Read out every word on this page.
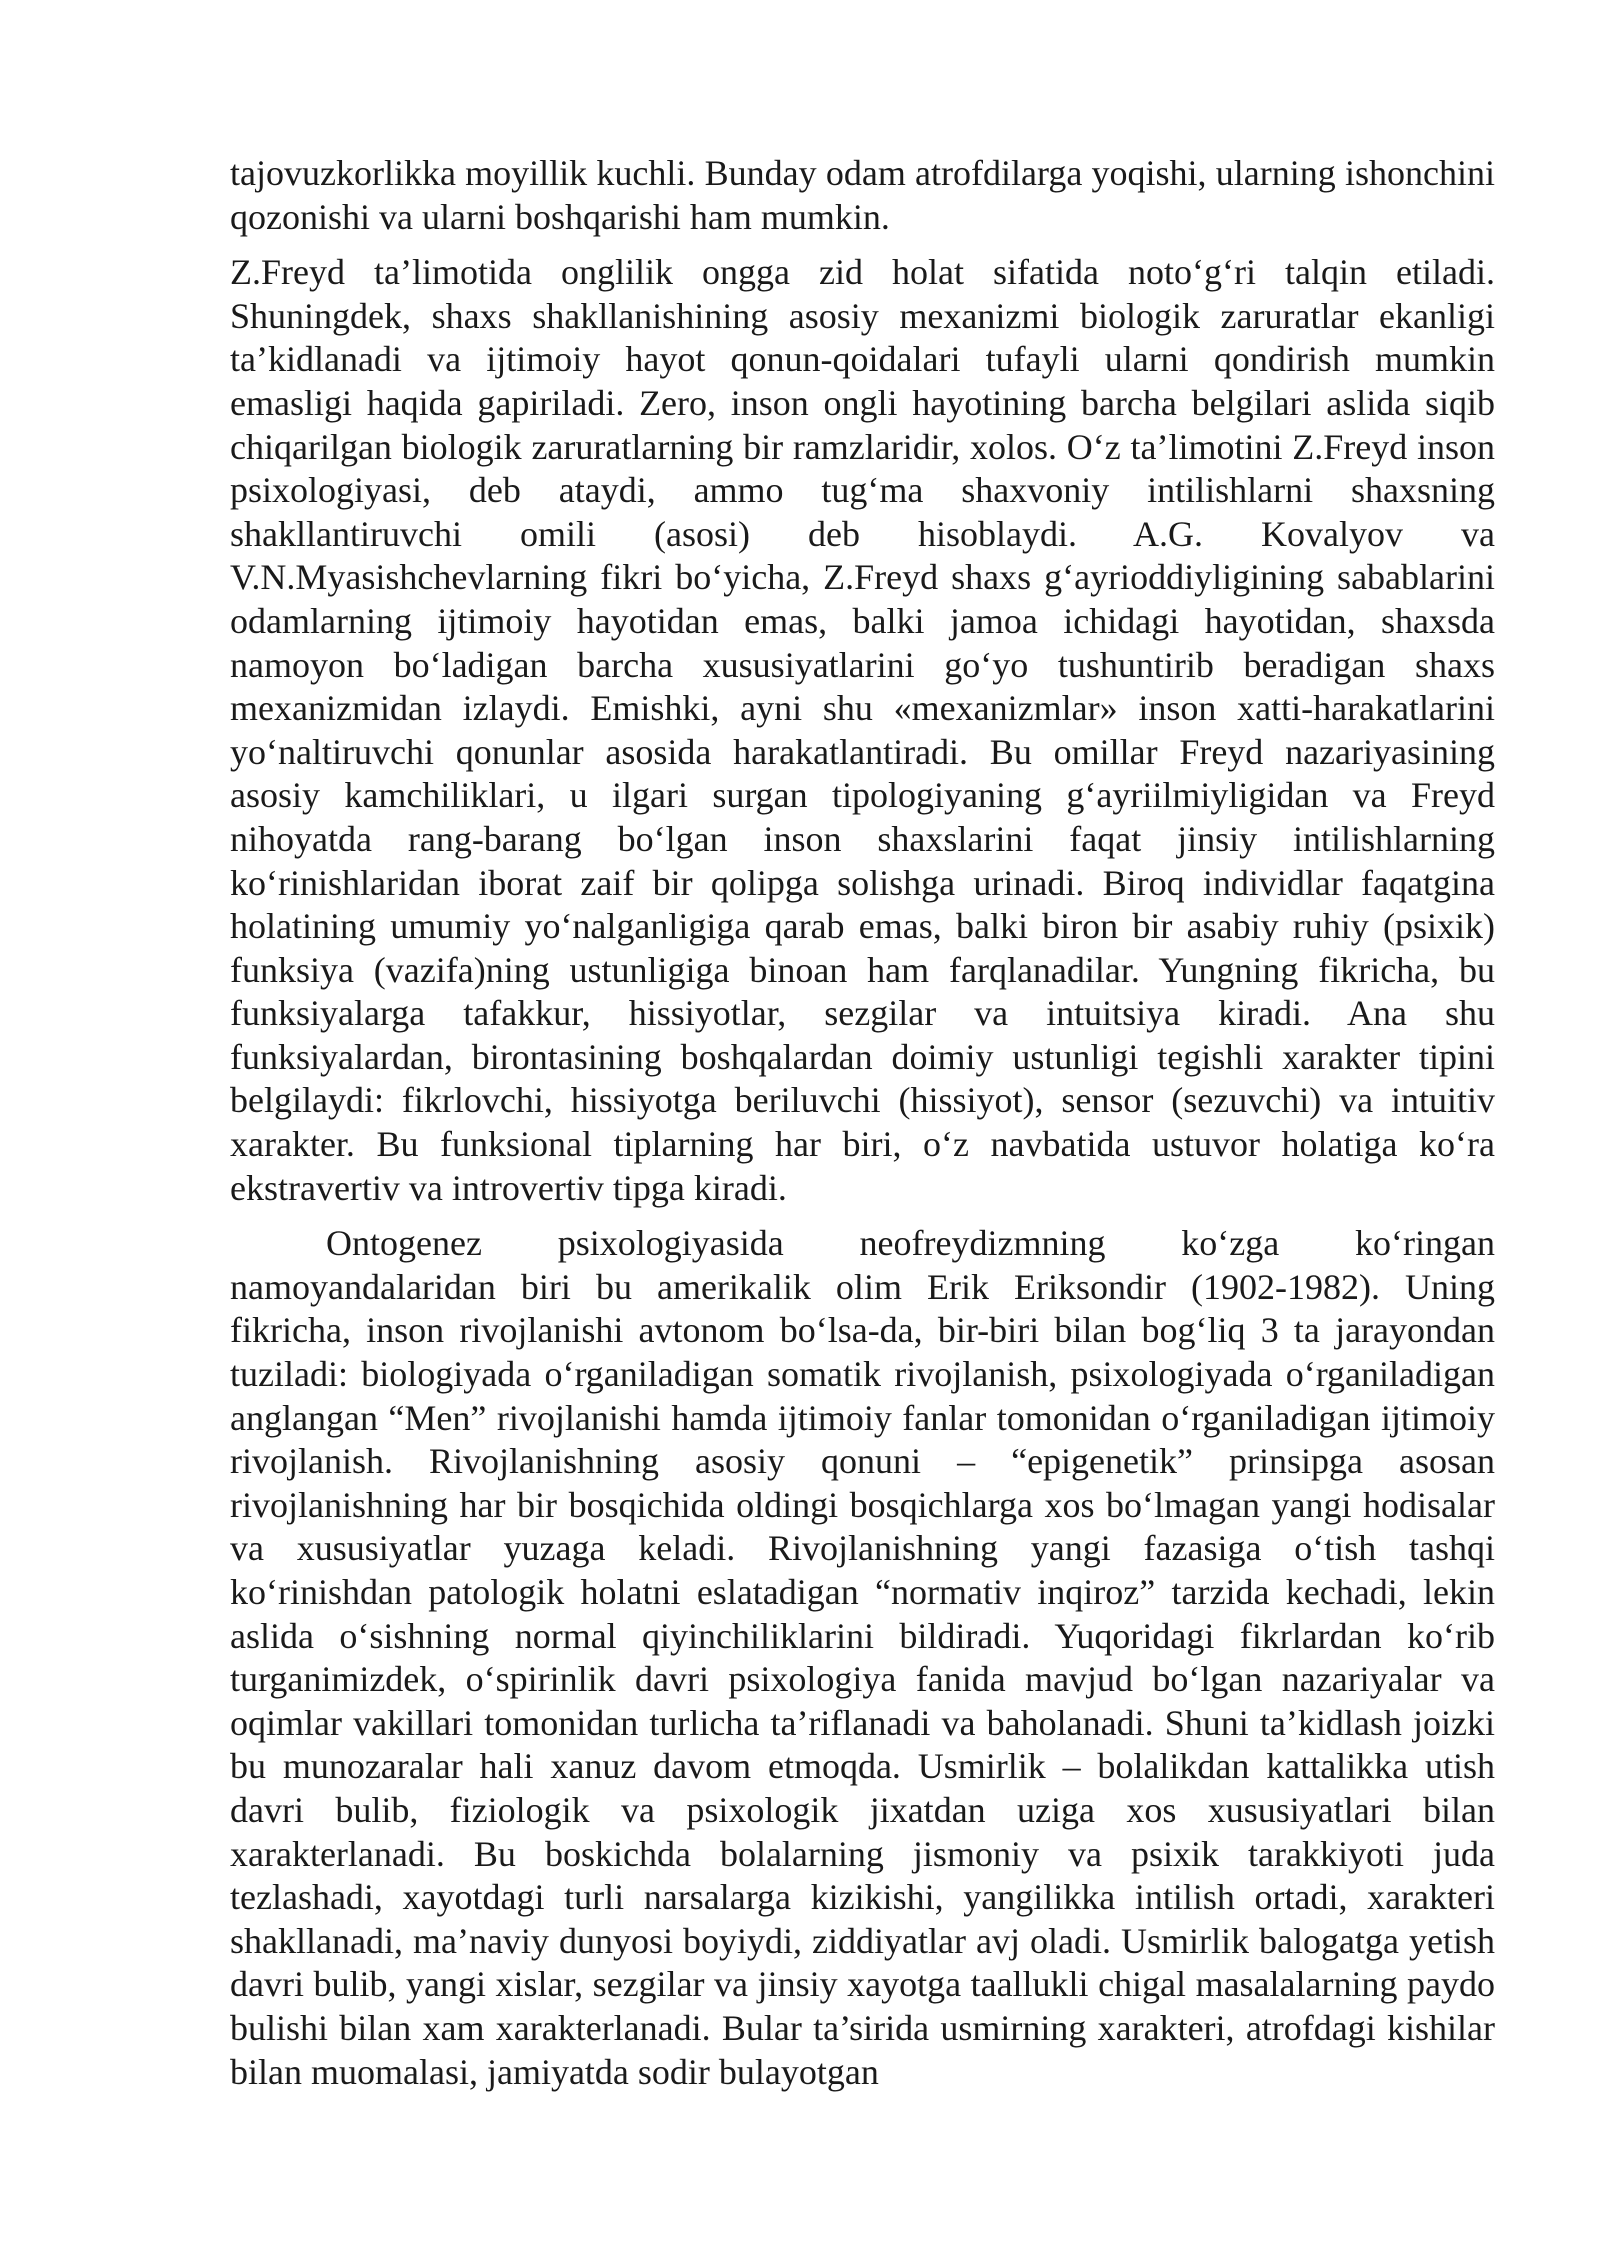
tajovuzkorlikka moyillik kuchli. Bunday odam atrofdilarga yoqishi, ularning ishonchini qozonishi va ularni boshqarishi ham mumkin.

Z.Freyd ta’limotida onglilik ongga zid holat sifatida noto‘g‘ri talqin etiladi. Shuningdek, shaxs shakllanishining asosiy mexanizmi biologik zaruratlar ekanligi ta’kidlanadi va ijtimoiy hayot qonun-qoidalari tufayli ularni qondirish mumkin emasligi haqida gapiriladi. Zero, inson ongli hayotining barcha belgilari aslida siqib chiqarilgan biologik zaruratlarning bir ramzlaridir, xolos. O‘z ta’limotini Z.Freyd inson psixologiyasi, deb ataydi, ammo tug‘ma shaxvoniy intilishlarni shaxsning shakllantiruvchi omili (asosi) deb hisoblaydi. A.G. Kovalyov va V.N.Myasishchevlarning fikri bo‘yicha, Z.Freyd shaxs g‘ayrioddiyligining sabablarini odamlarning ijtimoiy hayotidan emas, balki jamoa ichidagi hayotidan, shaxsda namoyon bo‘ladigan barcha xususiyatlarini go‘yo tushuntirib beradigan shaxs mexanizmidan izlaydi. Emishki, ayni shu «mexanizmlar» inson xatti-harakatlarini yo‘naltiruvchi qonunlar asosida harakatlantiradi. Bu omillar Freyd nazariyasining asosiy kamchiliklari, u ilgari surgan tipologiyaning g‘ayriilmiyligidan va Freyd nihoyatda rang-barang bo‘lgan inson shaxslarini faqat jinsiy intilishlarning ko‘rinishlaridan iborat zaif bir qolipga solishga urinadi. Biroq individlar faqatgina holatining umumiy yo‘nalganligiga qarab emas, balki biron bir asabiy ruhiy (psixik) funksiya (vazifa)ning ustunligiga binoan ham farqlanadilar. Yungning fikricha, bu funksiyalarga tafakkur, hissiyotlar, sezgilar va intuitsiya kiradi. Ana shu funksiyalardan, birontasining boshqalardan doimiy ustunligi tegishli xarakter tipini belgilaydi: fikrlovchi, hissiyotga beriluvchi (hissiyot), sensor (sezuvchi) va intuitiv xarakter. Bu funksional tiplarning har biri, o‘z navbatida ustuvor holatiga ko‘ra ekstravertiv va introvertiv tipga kiradi.

Ontogenez psixologiyasida neofreydizmning ko‘zga ko‘ringan namoyandalaridan biri bu amerikalik olim Erik Eriksondir (1902-1982). Uning fikricha, inson rivojlanishi avtonom bo‘lsa-da, bir-biri bilan bog‘liq 3 ta jarayondan tuziladi: biologiyada o‘rganiladigan somatik rivojlanish, psixologiyada o‘rganiladigan anglangan “Men” rivojlanishi hamda ijtimoiy fanlar tomonidan o‘rganiladigan ijtimoiy rivojlanish. Rivojlanishning asosiy qonuni – “epigenetik” prinsipga asosan rivojlanishning har bir bosqichida oldingi bosqichlarga xos bo‘lmagan yangi hodisalar va xususiyatlar yuzaga keladi. Rivojlanishning yangi fazasiga o‘tish tashqi ko‘rinishdan patologik holatni eslatadigan “normativ inqiroz” tarzida kechadi, lekin aslida o‘sishning normal qiyinchiliklarini bildiradi. Yuqoridagi fikrlardan ko‘rib turganimizdek, o‘spirinlik davri psixologiya fanida mavjud bo‘lgan nazariyalar va oqimlar vakillari tomonidan turlicha ta’riflanadi va baholanadi. Shuni ta’kidlash joizki bu munozaralar hali xanuz davom etmoqda. Usmirlik – bolalikdan kattalikka utish davri bulib, fiziologik va psixologik jixatdan uziga xos xususiyatlari bilan xarakterlanadi. Bu boskichda bolalarning jismoniy va psixik tarakkiyoti juda tezlashadi, xayotdagi turli narsalarga kizikishi, yangilikka intilish ortadi, xarakteri shakllanadi, ma’naviy dunyosi boyiydi, ziddiyatlar avj oladi. Usmirlik balogatga yetish davri bulib, yangi xislar, sezgilar va jinsiy xayotga taallukli chigal masalalarning paydo bulishi bilan xam xarakterlanadi. Bular ta’sirida usmirning xarakteri, atrofdagi kishilar bilan muomalasi, jamiyatda sodir bulayotgan
